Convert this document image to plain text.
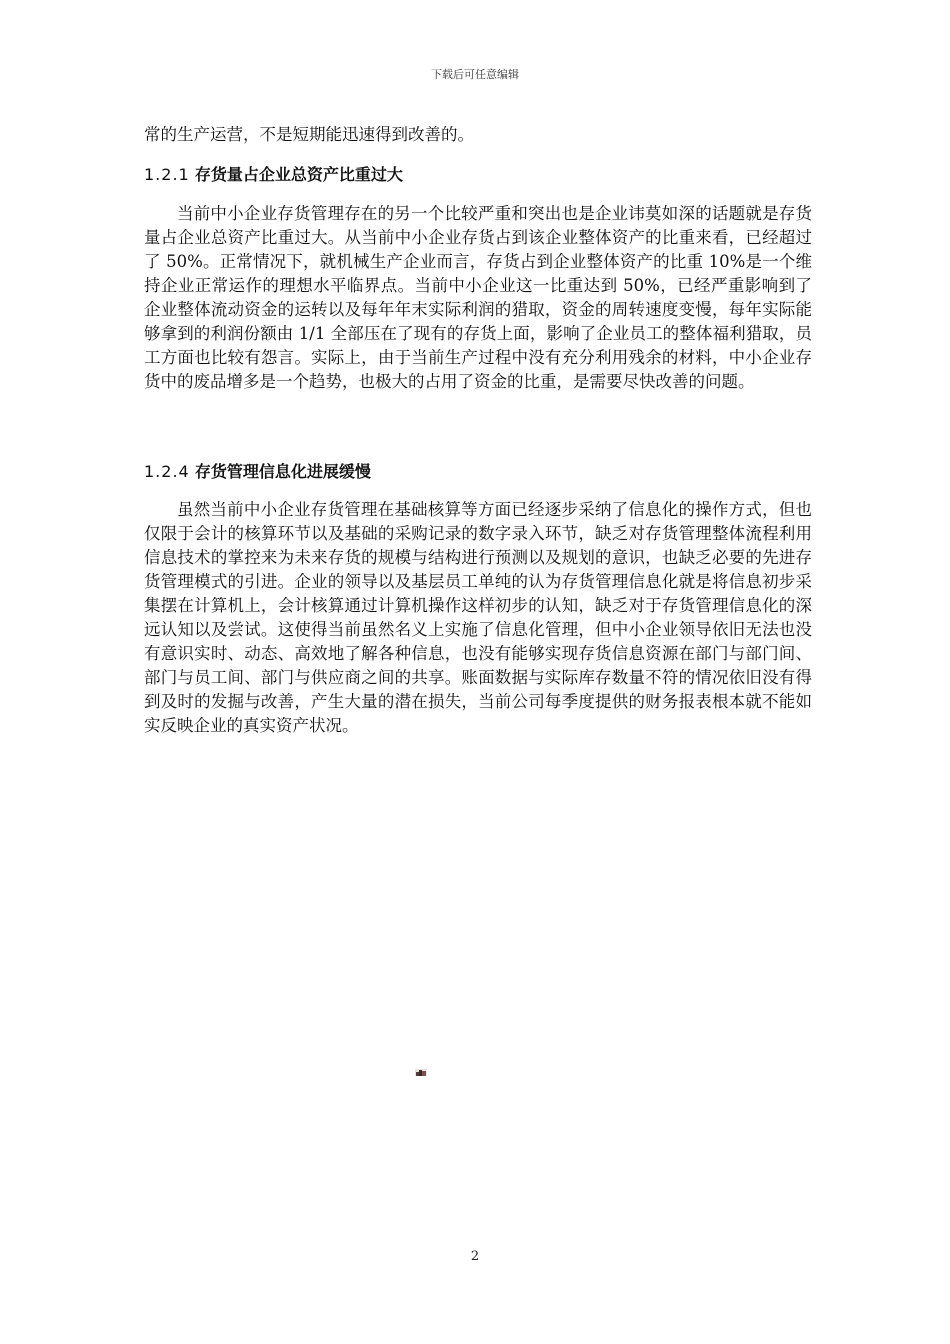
下载后可任意编辑

常的生产运营，不是短期能迅速得到改善的。

1.2.1 存货量占企业总资产比重过大

当前中小企业存货管理存在的另一个比较严重和突出也是企业讳莫如深的话题就是存货量占企业总资产比重过大。从当前中小企业存货占到该企业整体资产的比重来看，已经超过了 50%。正常情况下，就机械生产企业而言，存货占到企业整体资产的比重 10%是一个维持企业正常运作的理想水平临界点。当前中小企业这一比重达到 50%，已经严重影响到了企业整体流动资金的运转以及每年年末实际利润的猎取，资金的周转速度变慢，每年实际能够拿到的利润份额由 1/1 全部压在了现有的存货上面，影响了企业员工的整体福利猎取，员工方面也比较有怨言。实际上，由于当前生产过程中没有充分利用残余的材料，中小企业存货中的废品增多是一个趋势，也极大的占用了资金的比重，是需要尽快改善的问题。

1.2.4 存货管理信息化进展缓慢

虽然当前中小企业存货管理在基础核算等方面已经逐步采纳了信息化的操作方式，但也仅限于会计的核算环节以及基础的采购记录的数字录入环节，缺乏对存货管理整体流程利用信息技术的掌控来为未来存货的规模与结构进行预测以及规划的意识，也缺乏必要的先进存货管理模式的引进。企业的领导以及基层员工单纯的认为存货管理信息化就是将信息初步采集摆在计算机上，会计核算通过计算机操作这样初步的认知，缺乏对于存货管理信息化的深远认知以及尝试。这使得当前虽然名义上实施了信息化管理，但中小企业领导依旧无法也没有意识实时、动态、高效地了解各种信息，也没有能够实现存货信息资源在部门与部门间、部门与员工间、部门与供应商之间的共享。账面数据与实际库存数量不符的情况依旧没有得到及时的发掘与改善，产生大量的潜在损失，当前公司每季度提供的财务报表根本就不能如实反映企业的真实资产状况。

2
